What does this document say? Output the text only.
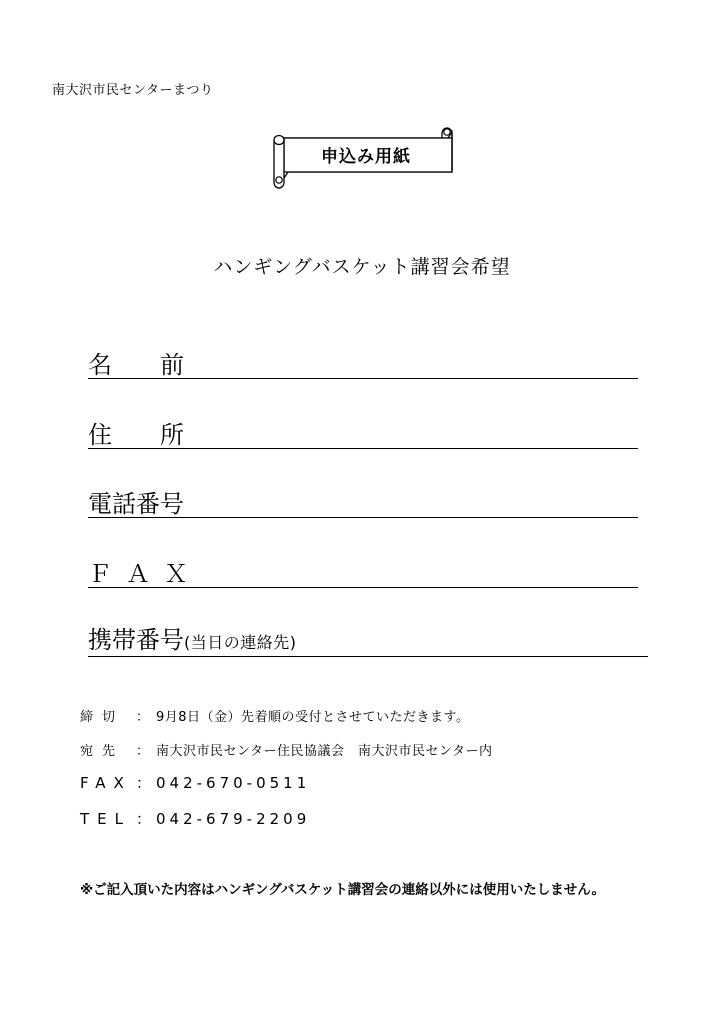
南大沢市民センターまつり
申込み用紙
ハンギングバスケット講習会希望
名　　前
住　　所
電話番号
ＦＡＸ
携帯番号(当日の連絡先)
締切 ： 9月8日（金）先着順の受付とさせていただきます。
宛先 ： 南大沢市民センター住民協議会　南大沢市民センター内
FAX ：042-670-0511
TEL ：042-679-2209
※ご記入頂いた内容はハンギングバスケット講習会の連絡以外には使用いたしません。
